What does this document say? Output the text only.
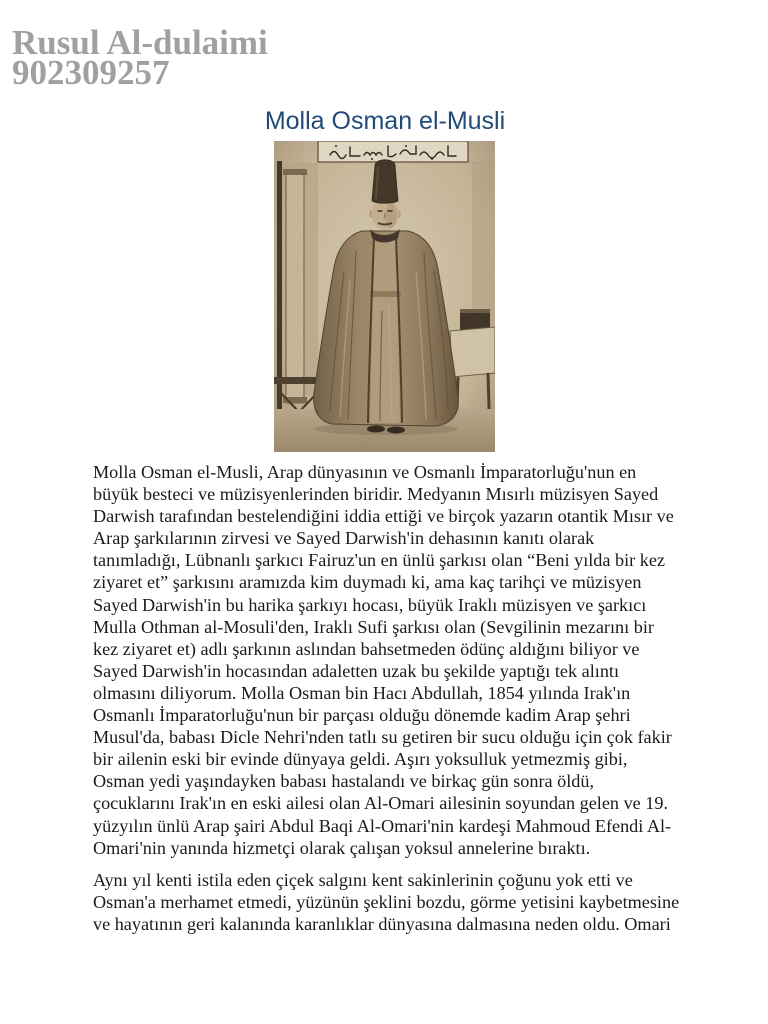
Rusul Al-dulaimi
902309257
Molla Osman el-Musli
Molla Osman el-Musli, Arap dünyasının ve Osmanlı İmparatorluğu'nun en
büyük besteci ve müzisyenlerinden biridir. Medyanın Mısırlı müzisyen Sayed
Darwish tarafından bestelendiğini iddia ettiği ve birçok yazarın otantik Mısır ve
Arap şarkılarının zirvesi ve Sayed Darwish'in dehasının kanıtı olarak
tanımladığı, Lübnanlı şarkıcı Fairuz'un en ünlü şarkısı olan “Beni yılda bir kez
ziyaret et” şarkısını aramızda kim duymadı ki, ama kaç tarihçi ve müzisyen
Sayed Darwish'in bu harika şarkıyı hocası, büyük Iraklı müzisyen ve şarkıcı
Mulla Othman al-Mosuli'den, Iraklı Sufi şarkısı olan (Sevgilinin mezarını bir
kez ziyaret et) adlı şarkının aslından bahsetmeden ödünç aldığını biliyor ve
Sayed Darwish'in hocasından adaletten uzak bu şekilde yaptığı tek alıntı
olmasını diliyorum. Molla Osman bin Hacı Abdullah, 1854 yılında Irak'ın
Osmanlı İmparatorluğu'nun bir parçası olduğu dönemde kadim Arap şehri
Musul'da, babası Dicle Nehri'nden tatlı su getiren bir sucu olduğu için çok fakir
bir ailenin eski bir evinde dünyaya geldi. Aşırı yoksulluk yetmezmiş gibi,
Osman yedi yaşındayken babası hastalandı ve birkaç gün sonra öldü,
çocuklarını Irak'ın en eski ailesi olan Al-Omari ailesinin soyundan gelen ve 19.
yüzyılın ünlü Arap şairi Abdul Baqi Al-Omari'nin kardeşi Mahmoud Efendi Al-
Omari'nin yanında hizmetçi olarak çalışan yoksul annelerine bıraktı.
Aynı yıl kenti istila eden çiçek salgını kent sakinlerinin çoğunu yok etti ve
Osman'a merhamet etmedi, yüzünün şeklini bozdu, görme yetisini kaybetmesine
ve hayatının geri kalanında karanlıklar dünyasına dalmasına neden oldu. Omari
